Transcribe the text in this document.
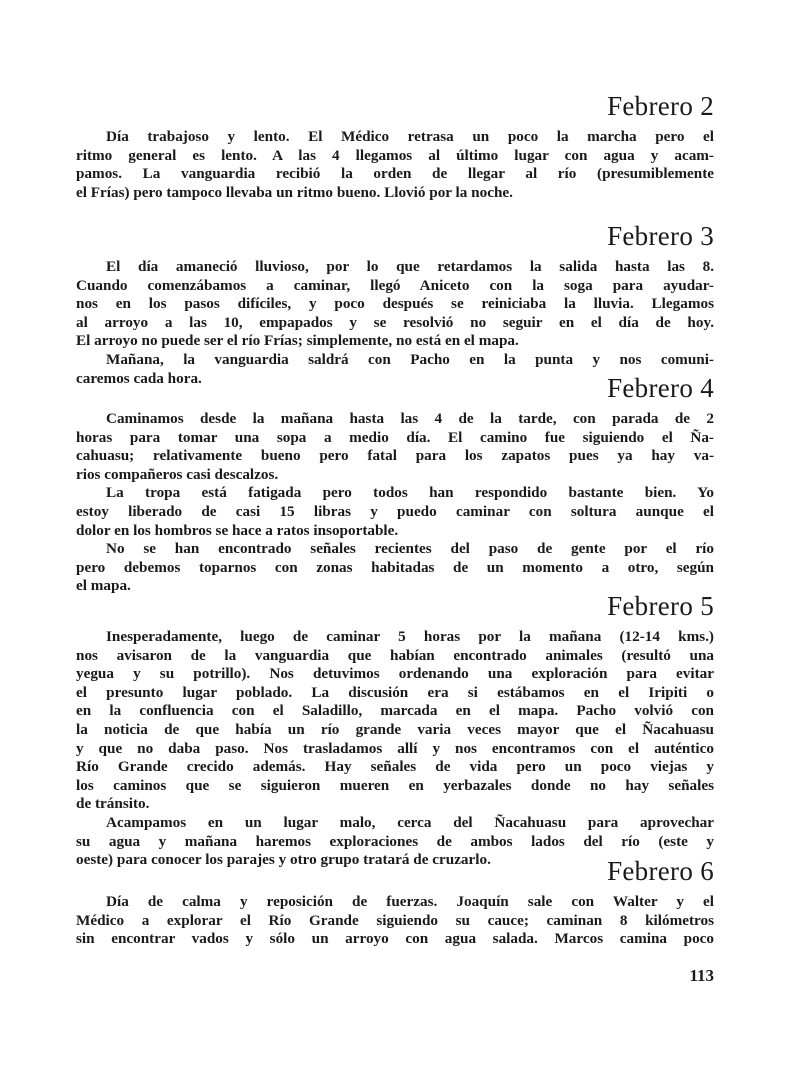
Febrero 2
Día trabajoso y lento. El Médico retrasa un poco la marcha pero el
ritmo general es lento. A las 4 llegamos al último lugar con agua y acam-
pamos. La vanguardia recibió la orden de llegar al río (presumiblemente
el Frías) pero tampoco llevaba un ritmo bueno. Llovió por la noche.
Febrero 3
El día amaneció lluvioso, por lo que retardamos la salida hasta las 8.
Cuando comenzábamos a caminar, llegó Aniceto con la soga para ayudar-
nos en los pasos difíciles, y poco después se reiniciaba la lluvia. Llegamos
al arroyo a las 10, empapados y se resolvió no seguir en el día de hoy.
El arroyo no puede ser el río Frías; simplemente, no está en el mapa.
Mañana, la vanguardia saldrá con Pacho en la punta y nos comuni-
caremos cada hora.	Febrero 4
Caminamos desde la mañana hasta las 4 de la tarde, con parada de 2
horas para tomar una sopa a medio día. El camino fue siguiendo el Ña-
cahuasu; relativamente bueno pero fatal para los zapatos pues ya hay va-
rios compañeros casi descalzos.
La tropa está fatigada pero todos han respondido bastante bien. Yo
estoy liberado de casi 15 libras y puedo caminar con soltura aunque el
dolor en los hombros se hace a ratos insoportable.
No se han encontrado señales recientes del paso de gente por el río
pero debemos toparnos con zonas habitadas de un momento a otro, según
el mapa.
Febrero 5
Inesperadamente, luego de caminar 5 horas por la mañana (12-14 kms.)
nos avisaron de la vanguardia que habían encontrado animales (resultó una
yegua y su potrillo). Nos detuvimos ordenando una exploración para evitar
el presunto lugar poblado. La discusión era si estábamos en el Iripiti o
en la confluencia con el Saladillo, marcada en el mapa. Pacho volvió con
la noticia de que había un río grande varia veces mayor que el Ñacahuasu
y que no daba paso. Nos trasladamos allí y nos encontramos con el auténtico
Río Grande crecido además. Hay señales de vida pero un poco viejas y
los caminos que se siguieron mueren en yerbazales donde no hay señales
de tránsito.
Acampamos en un lugar malo, cerca del Ñacahuasu para aprovechar
su agua y mañana haremos exploraciones de ambos lados del río (este y
oeste) para conocer los parajes y otro grupo tratará de cruzarlo.	Febrero 6
Día de calma y reposición de fuerzas. Joaquín sale con Walter y el
Médico a explorar el Río Grande siguiendo su cauce; caminan 8 kilómetros
sin encontrar vados y sólo un arroyo con agua salada. Marcos camina poco
113
